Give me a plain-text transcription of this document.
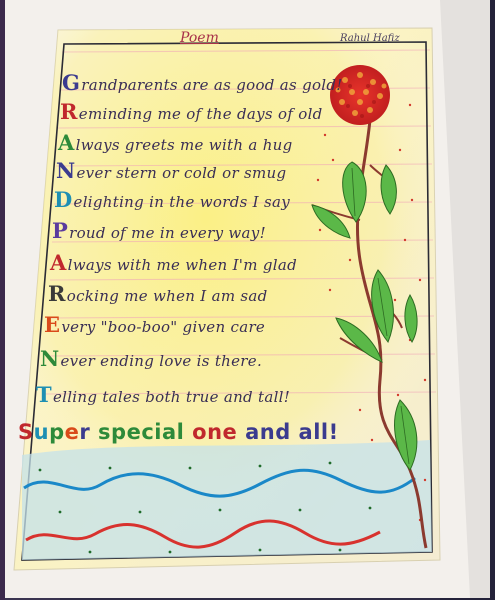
Poem	Rahul Hafiz
Grandparents are as good as gold!
Reminding me of the days of old
Always greets me with a hug
Never stern or cold or smug
Delighting in the words I say
Proud of me in every way!
Always with me when I'm glad
Rocking me when I am sad
Every "boo-boo" given care
Never ending love is there.
Telling tales both true and tall!
Super special one and all!
